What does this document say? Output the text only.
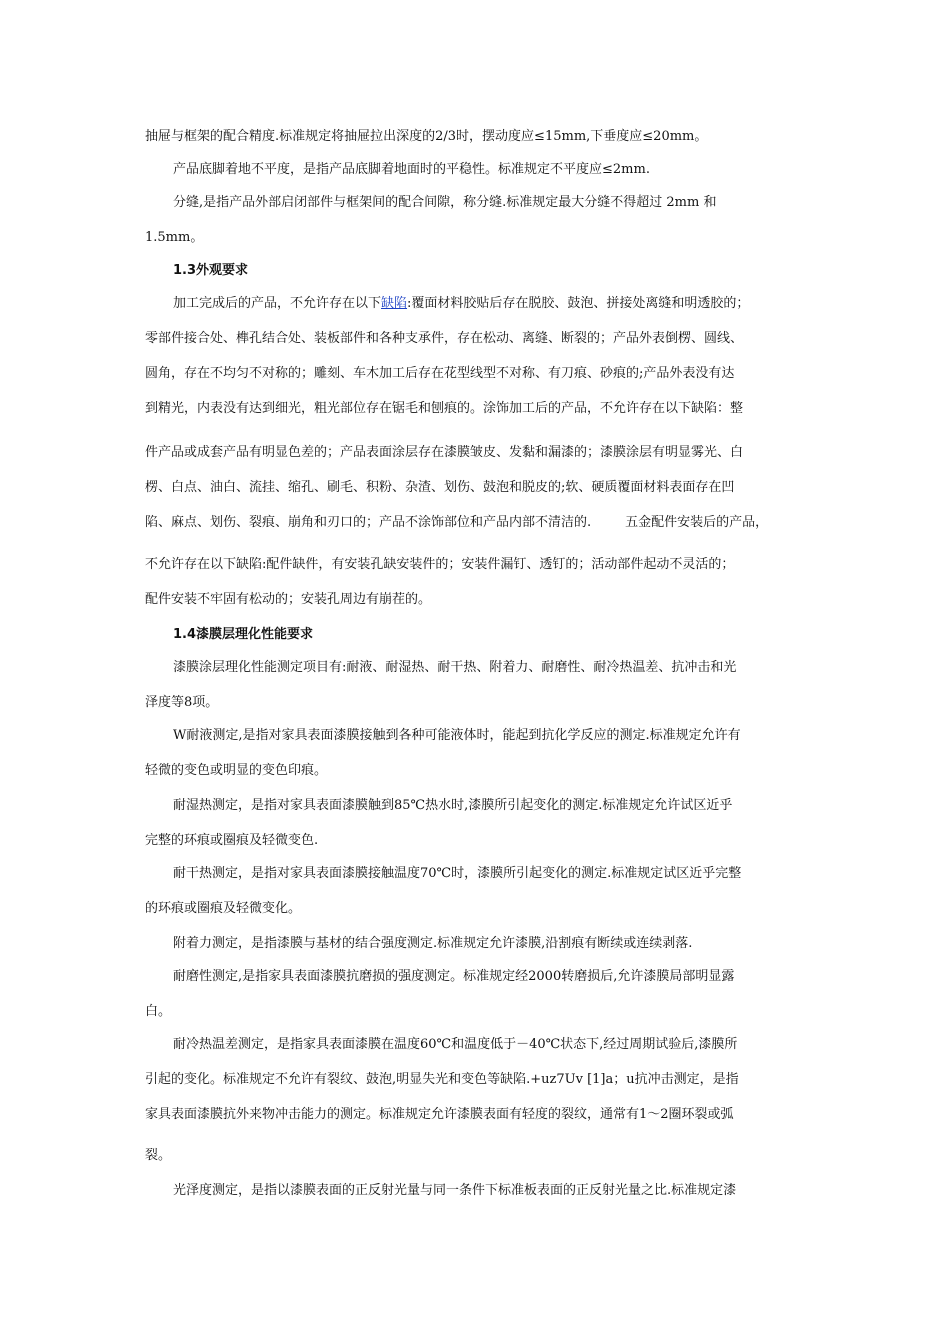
抽屉与框架的配合精度.标准规定将抽屉拉出深度的2/3时，摆动度应≤15mm,下垂度应≤20mm。
产品底脚着地不平度，是指产品底脚着地面时的平稳性。标准规定不平度应≤2mm.
分缝,是指产品外部启闭部件与框架间的配合间隙，称分缝.标准规定最大分缝不得超过 2mm 和
1.5mm。
1.3外观要求
加工完成后的产品，不允许存在以下缺陷:覆面材料胶贴后存在脱胶、鼓泡、拼接处离缝和明透胶的；
零部件接合处、榫孔结合处、装板部件和各种支承件，存在松动、离缝、断裂的；产品外表倒楞、圆线、
圆角，存在不均匀不对称的；雕刻、车木加工后存在花型线型不对称、有刀痕、砂痕的;产品外表没有达
到精光，内表没有达到细光，粗光部位存在锯毛和刨痕的。涂饰加工后的产品，不允许存在以下缺陷：整
件产品或成套产品有明显色差的；产品表面涂层存在漆膜皱皮、发黏和漏漆的；漆膜涂层有明显雾光、白
楞、白点、油白、流挂、缩孔、刷毛、积粉、杂渣、划伤、鼓泡和脱皮的;软、硬质覆面材料表面存在凹
陷、麻点、划伤、裂痕、崩角和刃口的；产品不涂饰部位和产品内部不清洁的.	五金配件安装后的产品，
不允许存在以下缺陷:配件缺件，有安装孔缺安装件的；安装件漏钉、透钉的；活动部件起动不灵活的；
配件安装不牢固有松动的；安装孔周边有崩茬的。
1.4漆膜层理化性能要求
漆膜涂层理化性能测定项目有:耐液、耐湿热、耐干热、附着力、耐磨性、耐冷热温差、抗冲击和光
泽度等8项。
W耐液测定,是指对家具表面漆膜接触到各种可能液体时，能起到抗化学反应的测定.标准规定允许有
轻微的变色或明显的变色印痕。
耐湿热测定，是指对家具表面漆膜触到85℃热水时,漆膜所引起变化的测定.标准规定允许试区近乎
完整的环痕或圈痕及轻微变色.
耐干热测定，是指对家具表面漆膜接触温度70℃时，漆膜所引起变化的测定.标准规定试区近乎完整
的环痕或圈痕及轻微变化。
附着力测定，是指漆膜与基材的结合强度测定.标准规定允许漆膜,沿割痕有断续或连续剥落.
耐磨性测定,是指家具表面漆膜抗磨损的强度测定。标准规定经2000转磨损后,允许漆膜局部明显露
白。
耐冷热温差测定，是指家具表面漆膜在温度60℃和温度低于－40℃状态下,经过周期试验后,漆膜所
引起的变化。标准规定不允许有裂纹、鼓泡,明显失光和变色等缺陷.+uz7Uv [1]a；u抗冲击测定，是指
家具表面漆膜抗外来物冲击能力的测定。标准规定允许漆膜表面有轻度的裂纹，通常有1～2圈环裂或弧
裂。
光泽度测定，是指以漆膜表面的正反射光量与同一条件下标准板表面的正反射光量之比.标准规定漆
